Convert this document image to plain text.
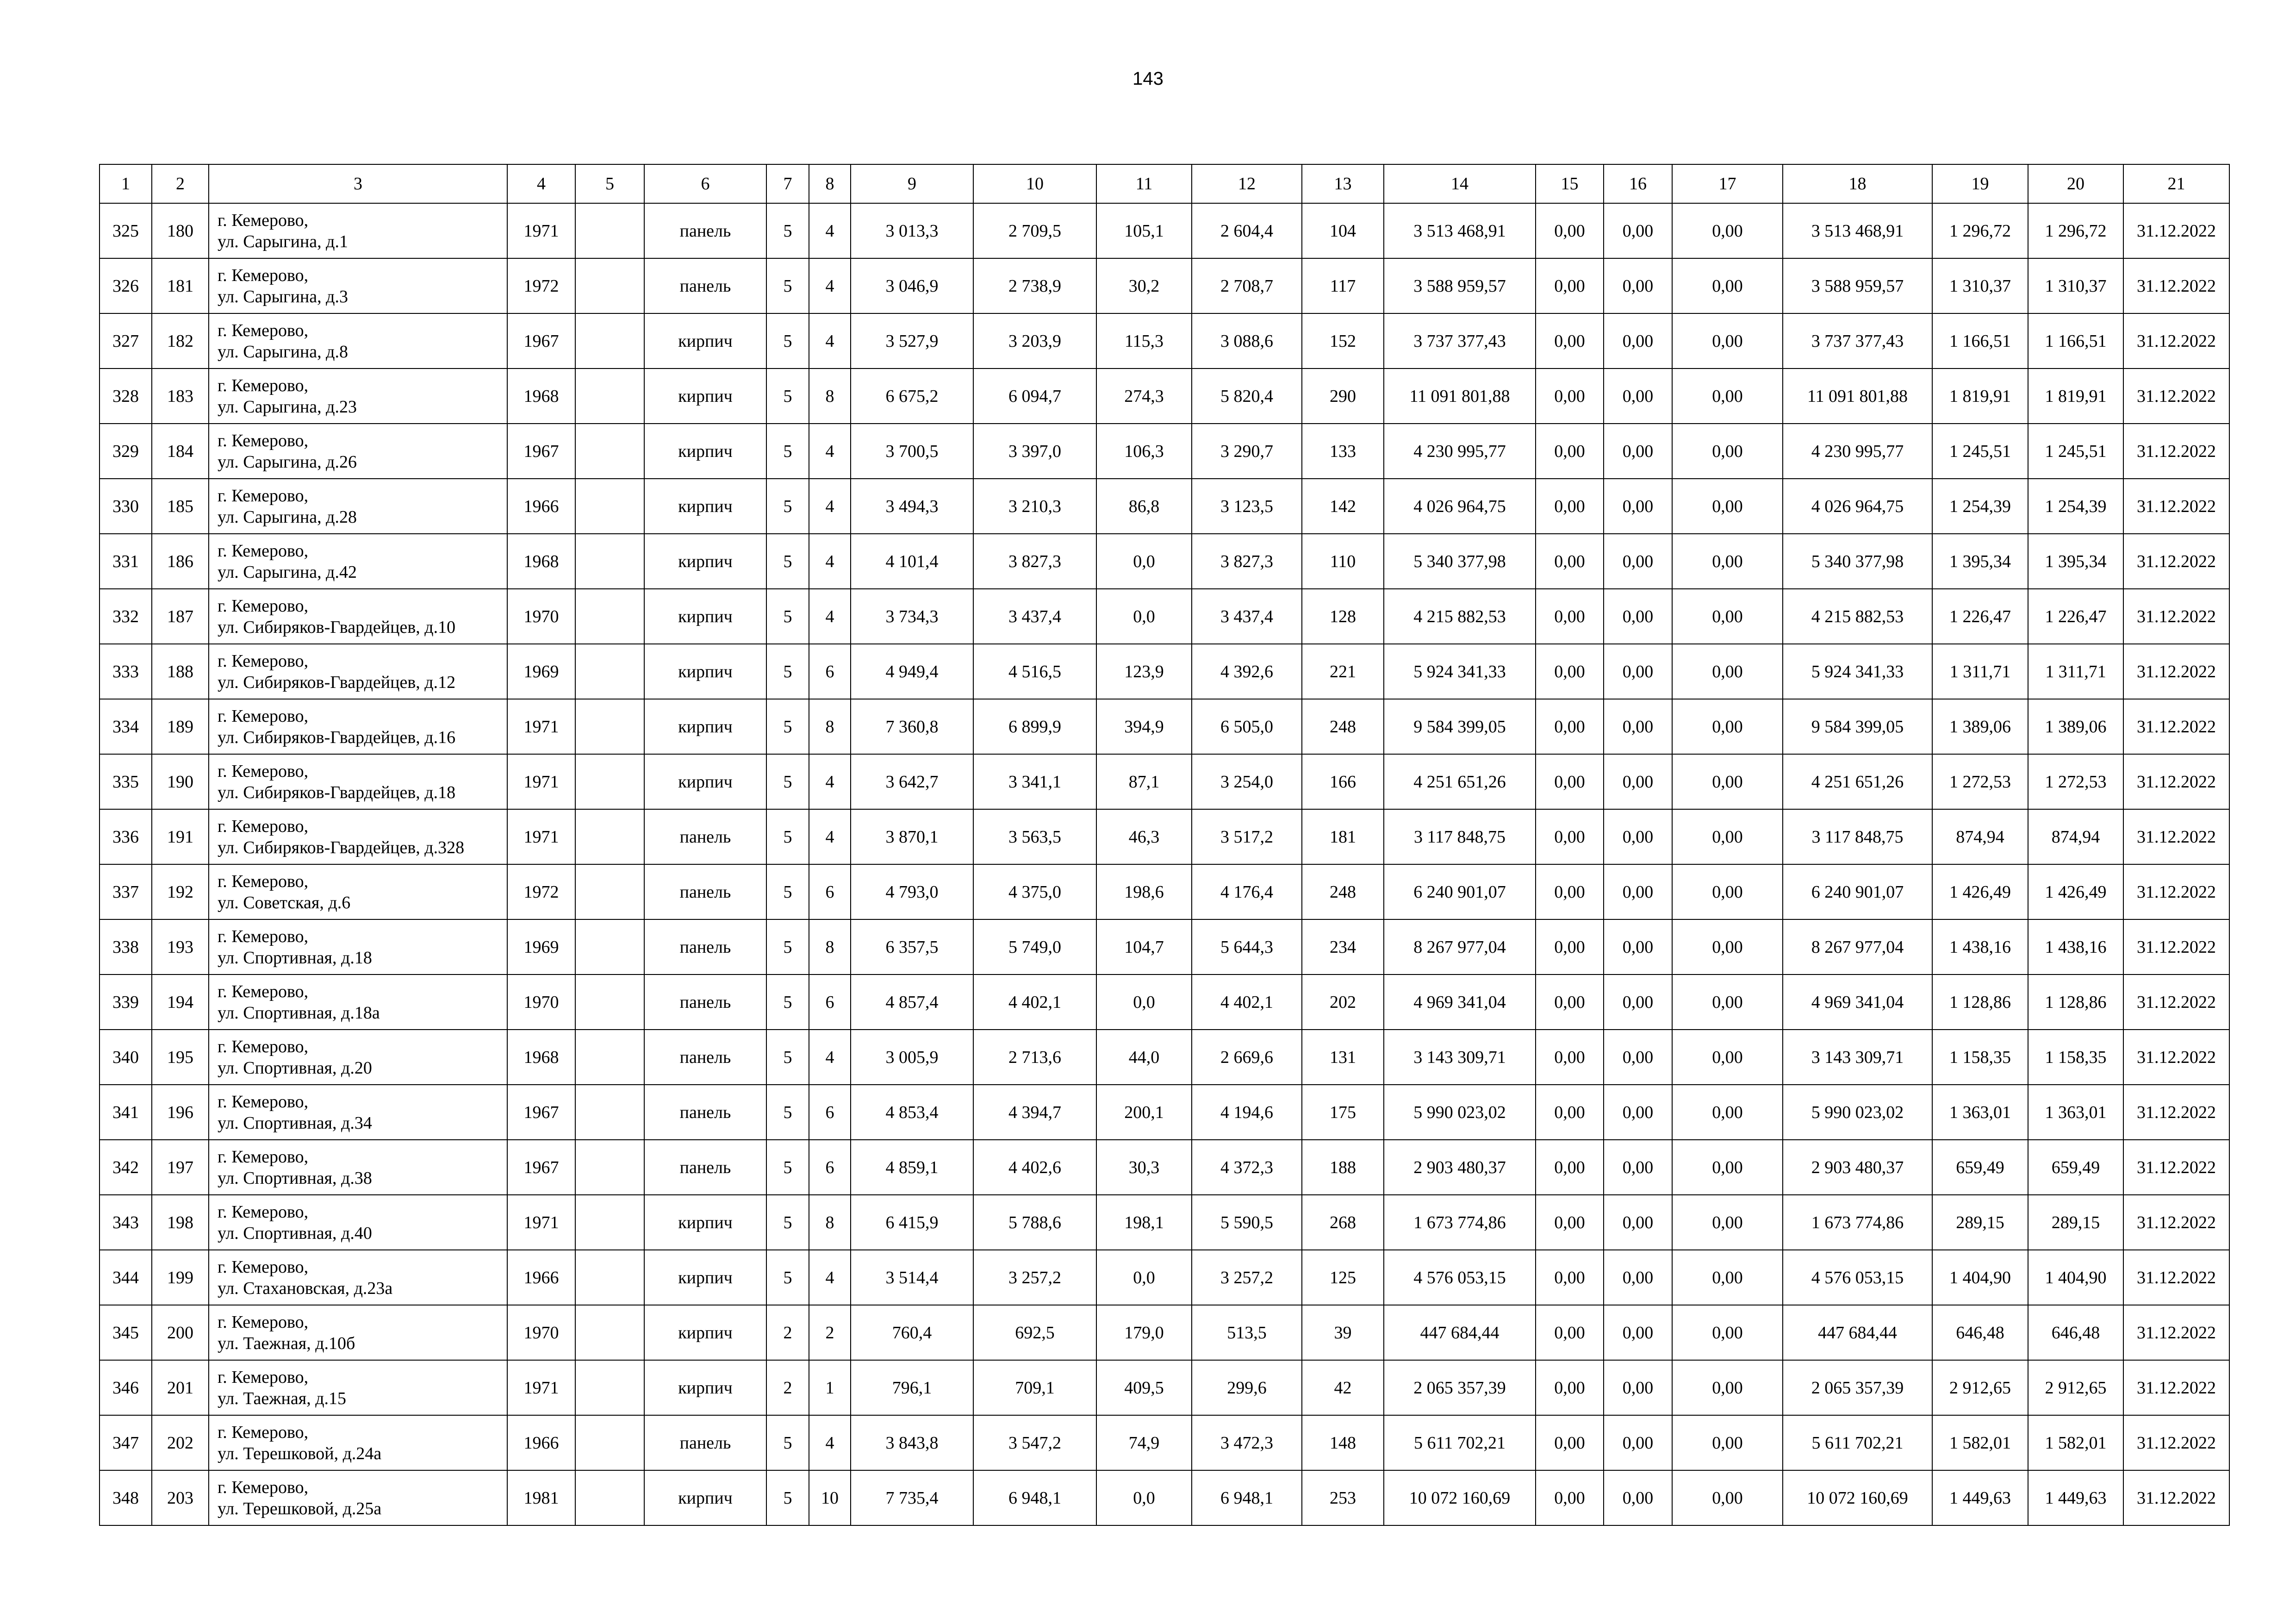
143
1	2	3	4	5	6	7	8	9	10	11	12	13	14	15	16	17	18	19	20	21
325	180	г. Кемерово,
ул. Сарыгина, д.1	1971		панель	5	4	3 013,3	2 709,5	105,1	2 604,4	104	3 513 468,91	0,00	0,00	0,00	3 513 468,91	1 296,72	1 296,72	31.12.2022
326	181	г. Кемерово,
ул. Сарыгина, д.3	1972		панель	5	4	3 046,9	2 738,9	30,2	2 708,7	117	3 588 959,57	0,00	0,00	0,00	3 588 959,57	1 310,37	1 310,37	31.12.2022
327	182	г. Кемерово,
ул. Сарыгина, д.8	1967		кирпич	5	4	3 527,9	3 203,9	115,3	3 088,6	152	3 737 377,43	0,00	0,00	0,00	3 737 377,43	1 166,51	1 166,51	31.12.2022
328	183	г. Кемерово,
ул. Сарыгина, д.23	1968		кирпич	5	8	6 675,2	6 094,7	274,3	5 820,4	290	11 091 801,88	0,00	0,00	0,00	11 091 801,88	1 819,91	1 819,91	31.12.2022
329	184	г. Кемерово,
ул. Сарыгина, д.26	1967		кирпич	5	4	3 700,5	3 397,0	106,3	3 290,7	133	4 230 995,77	0,00	0,00	0,00	4 230 995,77	1 245,51	1 245,51	31.12.2022
330	185	г. Кемерово,
ул. Сарыгина, д.28	1966		кирпич	5	4	3 494,3	3 210,3	86,8	3 123,5	142	4 026 964,75	0,00	0,00	0,00	4 026 964,75	1 254,39	1 254,39	31.12.2022
331	186	г. Кемерово,
ул. Сарыгина, д.42	1968		кирпич	5	4	4 101,4	3 827,3	0,0	3 827,3	110	5 340 377,98	0,00	0,00	0,00	5 340 377,98	1 395,34	1 395,34	31.12.2022
332	187	г. Кемерово,
ул. Сибиряков-Гвардейцев, д.10	1970		кирпич	5	4	3 734,3	3 437,4	0,0	3 437,4	128	4 215 882,53	0,00	0,00	0,00	4 215 882,53	1 226,47	1 226,47	31.12.2022
333	188	г. Кемерово,
ул. Сибиряков-Гвардейцев, д.12	1969		кирпич	5	6	4 949,4	4 516,5	123,9	4 392,6	221	5 924 341,33	0,00	0,00	0,00	5 924 341,33	1 311,71	1 311,71	31.12.2022
334	189	г. Кемерово,
ул. Сибиряков-Гвардейцев, д.16	1971		кирпич	5	8	7 360,8	6 899,9	394,9	6 505,0	248	9 584 399,05	0,00	0,00	0,00	9 584 399,05	1 389,06	1 389,06	31.12.2022
335	190	г. Кемерово,
ул. Сибиряков-Гвардейцев, д.18	1971		кирпич	5	4	3 642,7	3 341,1	87,1	3 254,0	166	4 251 651,26	0,00	0,00	0,00	4 251 651,26	1 272,53	1 272,53	31.12.2022
336	191	г. Кемерово,
ул. Сибиряков-Гвардейцев, д.328	1971		панель	5	4	3 870,1	3 563,5	46,3	3 517,2	181	3 117 848,75	0,00	0,00	0,00	3 117 848,75	874,94	874,94	31.12.2022
337	192	г. Кемерово,
ул. Советская, д.6	1972		панель	5	6	4 793,0	4 375,0	198,6	4 176,4	248	6 240 901,07	0,00	0,00	0,00	6 240 901,07	1 426,49	1 426,49	31.12.2022
338	193	г. Кемерово,
ул. Спортивная, д.18	1969		панель	5	8	6 357,5	5 749,0	104,7	5 644,3	234	8 267 977,04	0,00	0,00	0,00	8 267 977,04	1 438,16	1 438,16	31.12.2022
339	194	г. Кемерово,
ул. Спортивная, д.18а	1970		панель	5	6	4 857,4	4 402,1	0,0	4 402,1	202	4 969 341,04	0,00	0,00	0,00	4 969 341,04	1 128,86	1 128,86	31.12.2022
340	195	г. Кемерово,
ул. Спортивная, д.20	1968		панель	5	4	3 005,9	2 713,6	44,0	2 669,6	131	3 143 309,71	0,00	0,00	0,00	3 143 309,71	1 158,35	1 158,35	31.12.2022
341	196	г. Кемерово,
ул. Спортивная, д.34	1967		панель	5	6	4 853,4	4 394,7	200,1	4 194,6	175	5 990 023,02	0,00	0,00	0,00	5 990 023,02	1 363,01	1 363,01	31.12.2022
342	197	г. Кемерово,
ул. Спортивная, д.38	1967		панель	5	6	4 859,1	4 402,6	30,3	4 372,3	188	2 903 480,37	0,00	0,00	0,00	2 903 480,37	659,49	659,49	31.12.2022
343	198	г. Кемерово,
ул. Спортивная, д.40	1971		кирпич	5	8	6 415,9	5 788,6	198,1	5 590,5	268	1 673 774,86	0,00	0,00	0,00	1 673 774,86	289,15	289,15	31.12.2022
344	199	г. Кемерово,
ул. Стахановская, д.23а	1966		кирпич	5	4	3 514,4	3 257,2	0,0	3 257,2	125	4 576 053,15	0,00	0,00	0,00	4 576 053,15	1 404,90	1 404,90	31.12.2022
345	200	г. Кемерово,
ул. Таежная, д.10б	1970		кирпич	2	2	760,4	692,5	179,0	513,5	39	447 684,44	0,00	0,00	0,00	447 684,44	646,48	646,48	31.12.2022
346	201	г. Кемерово,
ул. Таежная, д.15	1971		кирпич	2	1	796,1	709,1	409,5	299,6	42	2 065 357,39	0,00	0,00	0,00	2 065 357,39	2 912,65	2 912,65	31.12.2022
347	202	г. Кемерово,
ул. Терешковой, д.24а	1966		панель	5	4	3 843,8	3 547,2	74,9	3 472,3	148	5 611 702,21	0,00	0,00	0,00	5 611 702,21	1 582,01	1 582,01	31.12.2022
348	203	г. Кемерово,
ул. Терешковой, д.25а	1981		кирпич	5	10	7 735,4	6 948,1	0,0	6 948,1	253	10 072 160,69	0,00	0,00	0,00	10 072 160,69	1 449,63	1 449,63	31.12.2022
